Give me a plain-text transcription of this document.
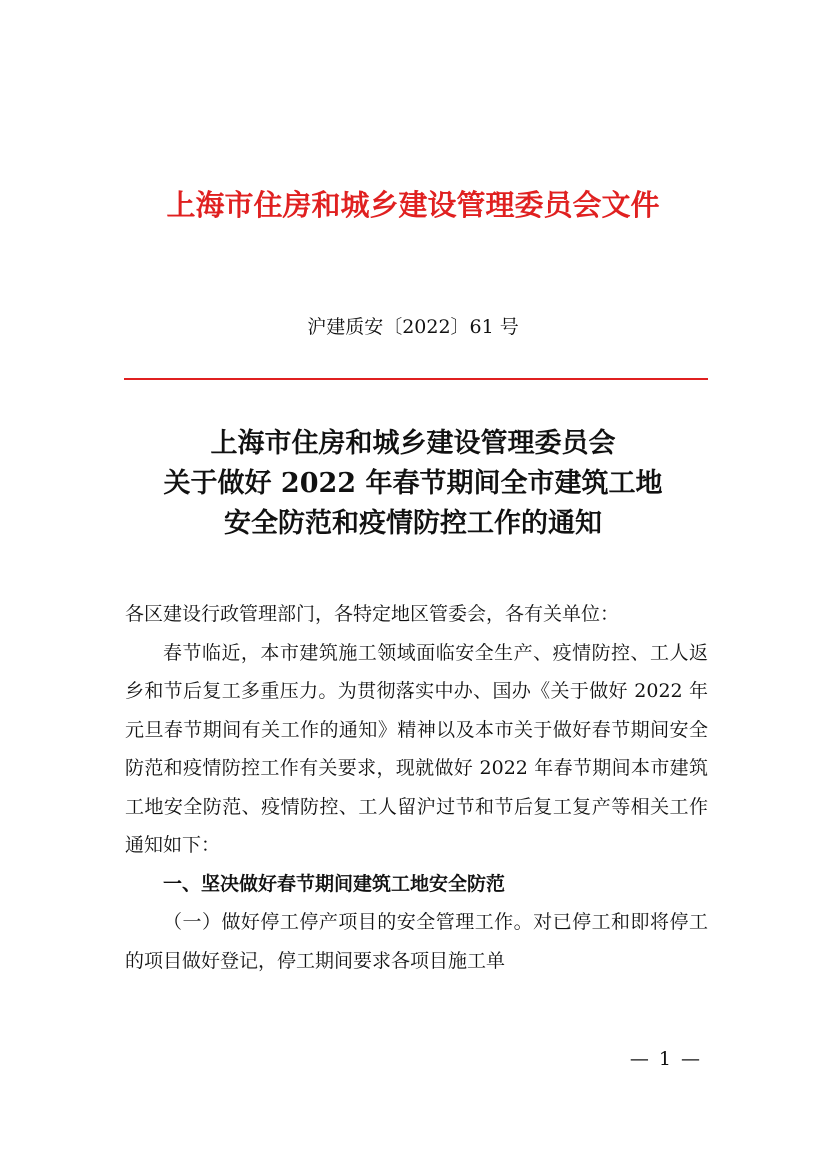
上海市住房和城乡建设管理委员会文件
沪建质安〔2022〕61 号
上海市住房和城乡建设管理委员会
关于做好 2022 年春节期间全市建筑工地
安全防范和疫情防控工作的通知

各区建设行政管理部门，各特定地区管委会，各有关单位：

春节临近，本市建筑施工领域面临安全生产、疫情防控、工人返乡和节后复工多重压力。为贯彻落实中办、国办《关于做好 2022 年元旦春节期间有关工作的通知》精神以及本市关于做好春节期间安全防范和疫情防控工作有关要求，现就做好 2022 年春节期间本市建筑工地安全防范、疫情防控、工人留沪过节和节后复工复产等相关工作通知如下：

一、坚决做好春节期间建筑工地安全防范

（一）做好停工停产项目的安全管理工作。对已停工和即将停工的项目做好登记，停工期间要求各项目施工单

— 1 —
